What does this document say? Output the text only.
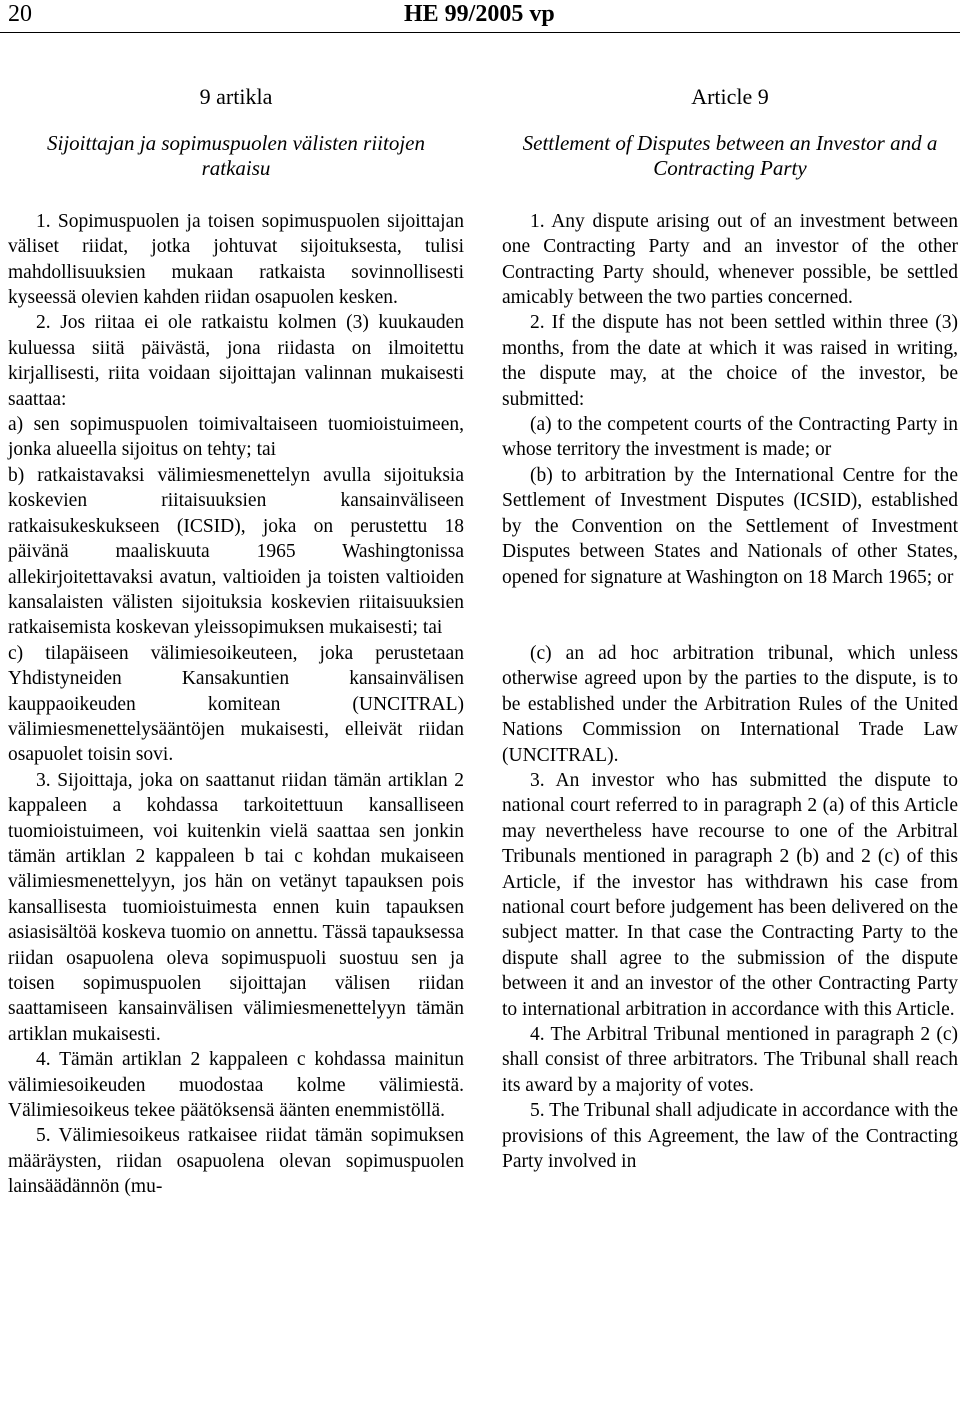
20	HE 99/2005 vp
9 artikla
Sijoittajan ja sopimuspuolen välisten riitojen ratkaisu

1. Sopimuspuolen ja toisen sopimuspuolen sijoittajan väliset riidat, jotka johtuvat sijoituksesta, tulisi mahdollisuuksien mukaan ratkaista sovinnollisesti kyseessä olevien kahden riidan osapuolen kesken.

2. Jos riitaa ei ole ratkaistu kolmen (3) kuukauden kuluessa siitä päivästä, jona riidasta on ilmoitettu kirjallisesti, riita voidaan sijoittajan valinnan mukaisesti saattaa:

a) sen sopimuspuolen toimivaltaiseen tuomioistuimeen, jonka alueella sijoitus on tehty; tai

b) ratkaistavaksi välimiesmenettelyn avulla sijoituksia koskevien riitaisuuksien kansainväliseen ratkaisukeskukseen (ICSID), joka on perustettu 18 päivänä maaliskuuta 1965 Washingtonissa allekirjoitettavaksi avatun, valtioiden ja toisten valtioiden kansalaisten välisten sijoituksia koskevien riitaisuuksien ratkaisemista koskevan yleissopimuksen mukaisesti; tai

c) tilapäiseen välimiesoikeuteen, joka perustetaan Yhdistyneiden Kansakuntien kansainvälisen kauppaoikeuden komitean (UNCITRAL) välimiesmenettelysääntöjen mukaisesti, elleivät riidan osapuolet toisin sovi.

3. Sijoittaja, joka on saattanut riidan tämän artiklan 2 kappaleen a kohdassa tarkoitettuun kansalliseen tuomioistuimeen, voi kuitenkin vielä saattaa sen jonkin tämän artiklan 2 kappaleen b tai c kohdan mukaiseen välimiesmenettelyyn, jos hän on vetänyt tapauksen pois kansallisesta tuomioistuimesta ennen kuin tapauksen asiasisältöä koskeva tuomio on annettu. Tässä tapauksessa riidan osapuolena oleva sopimuspuoli suostuu sen ja toisen sopimuspuolen sijoittajan välisen riidan saattamiseen kansainvälisen välimiesmenettelyyn tämän artiklan mukaisesti.

4. Tämän artiklan 2 kappaleen c kohdassa mainitun välimiesoikeuden muodostaa kolme välimiestä. Välimiesoikeus tekee päätöksensä äänten enemmistöllä.

5. Välimiesoikeus ratkaisee riidat tämän sopimuksen määräysten, riidan osapuolena olevan sopimuspuolen lainsäädännön (mu-

Article 9
Settlement of Disputes between an Investor and a Contracting Party

1. Any dispute arising out of an investment between one Contracting Party and an investor of the other Contracting Party should, whenever possible, be settled amicably between the two parties concerned.

2. If the dispute has not been settled within three (3) months, from the date at which it was raised in writing, the dispute may, at the choice of the investor, be submitted:

(a) to the competent courts of the Contracting Party in whose territory the investment is made; or

(b) to arbitration by the International Centre for the Settlement of Investment Disputes (ICSID), established by the Convention on the Settlement of Investment Disputes between States and Nationals of other States, opened for signature at Washington on 18 March 1965; or

(c) an ad hoc arbitration tribunal, which unless otherwise agreed upon by the parties to the dispute, is to be established under the Arbitration Rules of the United Nations Commission on International Trade Law (UNCITRAL).

3. An investor who has submitted the dispute to national court referred to in paragraph 2 (a) of this Article may nevertheless have recourse to one of the Arbitral Tribunals mentioned in paragraph 2 (b) and 2 (c) of this Article, if the investor has withdrawn his case from national court before judgement has been delivered on the subject matter. In that case the Contracting Party to the dispute shall agree to the submission of the dispute between it and an investor of the other Contracting Party to international arbitration in accordance with this Article.

4. The Arbitral Tribunal mentioned in paragraph 2 (c) shall consist of three arbitrators. The Tribunal shall reach its award by a majority of votes.

5. The Tribunal shall adjudicate in accordance with the provisions of this Agreement, the law of the Contracting Party involved in
